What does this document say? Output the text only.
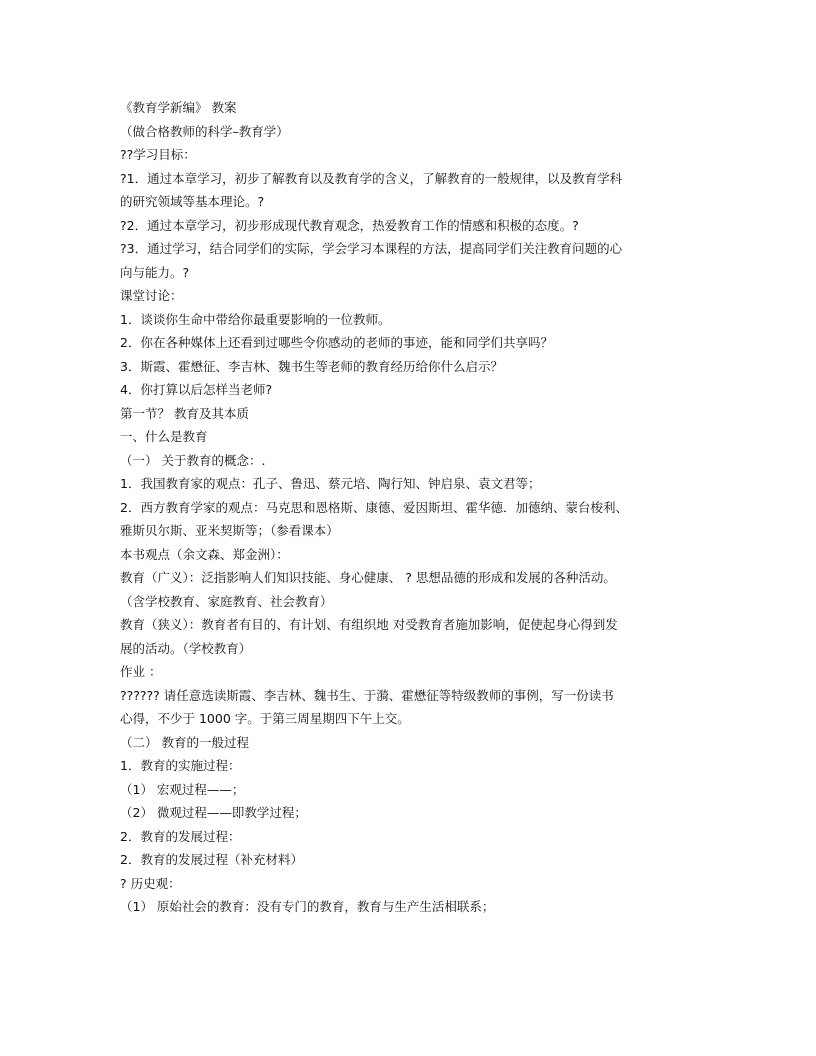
《教育学新编》 教案
（做合格教师的科学–教育学）
??学习目标：
?1．通过本章学习，初步了解教育以及教育学的含义，了解教育的一般规律，以及教育学科
的研究领域等基本理论。?
?2．通过本章学习，初步形成现代教育观念，热爱教育工作的情感和积极的态度。?
?3．通过学习，结合同学们的实际，学会学习本课程的方法，提高同学们关注教育问题的心
向与能力。?
课堂讨论：
1．谈谈你生命中带给你最重要影响的一位教师。
2．你在各种媒体上还看到过哪些令你感动的老师的事迹，能和同学们共享吗？
3．斯霞、霍懋征、李吉林、魏书生等老师的教育经历给你什么启示？
4．你打算以后怎样当老师?
第一节？ 教育及其本质
一、什么是教育
（一） 关于教育的概念：.
1．我国教育家的观点：孔子、鲁迅、蔡元培、陶行知、钟启泉、袁文君等；
2．西方教育学家的观点：马克思和恩格斯、康德、爱因斯坦、霍华德．加德纳、蒙台梭利、
雅斯贝尔斯、亚米契斯等；（参看课本）
本书观点（余文森、郑金洲）：
教育（广义）：泛指影响人们知识技能、身心健康、 ? 思想品德的形成和发展的各种活动。
（含学校教育、家庭教育、社会教育）
教育（狭义）：教育者有目的、有计划、有组织地 对受教育者施加影响，促使起身心得到发
展的活动。（学校教育）
作业 ：
?????? 请任意选读斯霞、李吉林、魏书生、于漪、霍懋征等特级教师的事例，写一份读书
心得，不少于 1000 字。于第三周星期四下午上交。
（二） 教育的一般过程
1．教育的实施过程：
（1） 宏观过程——；
（2） 微观过程——即教学过程；
2．教育的发展过程：
2．教育的发展过程（补充材料）
? 历史观：
（1） 原始社会的教育：没有专门的教育，教育与生产生活相联系；
